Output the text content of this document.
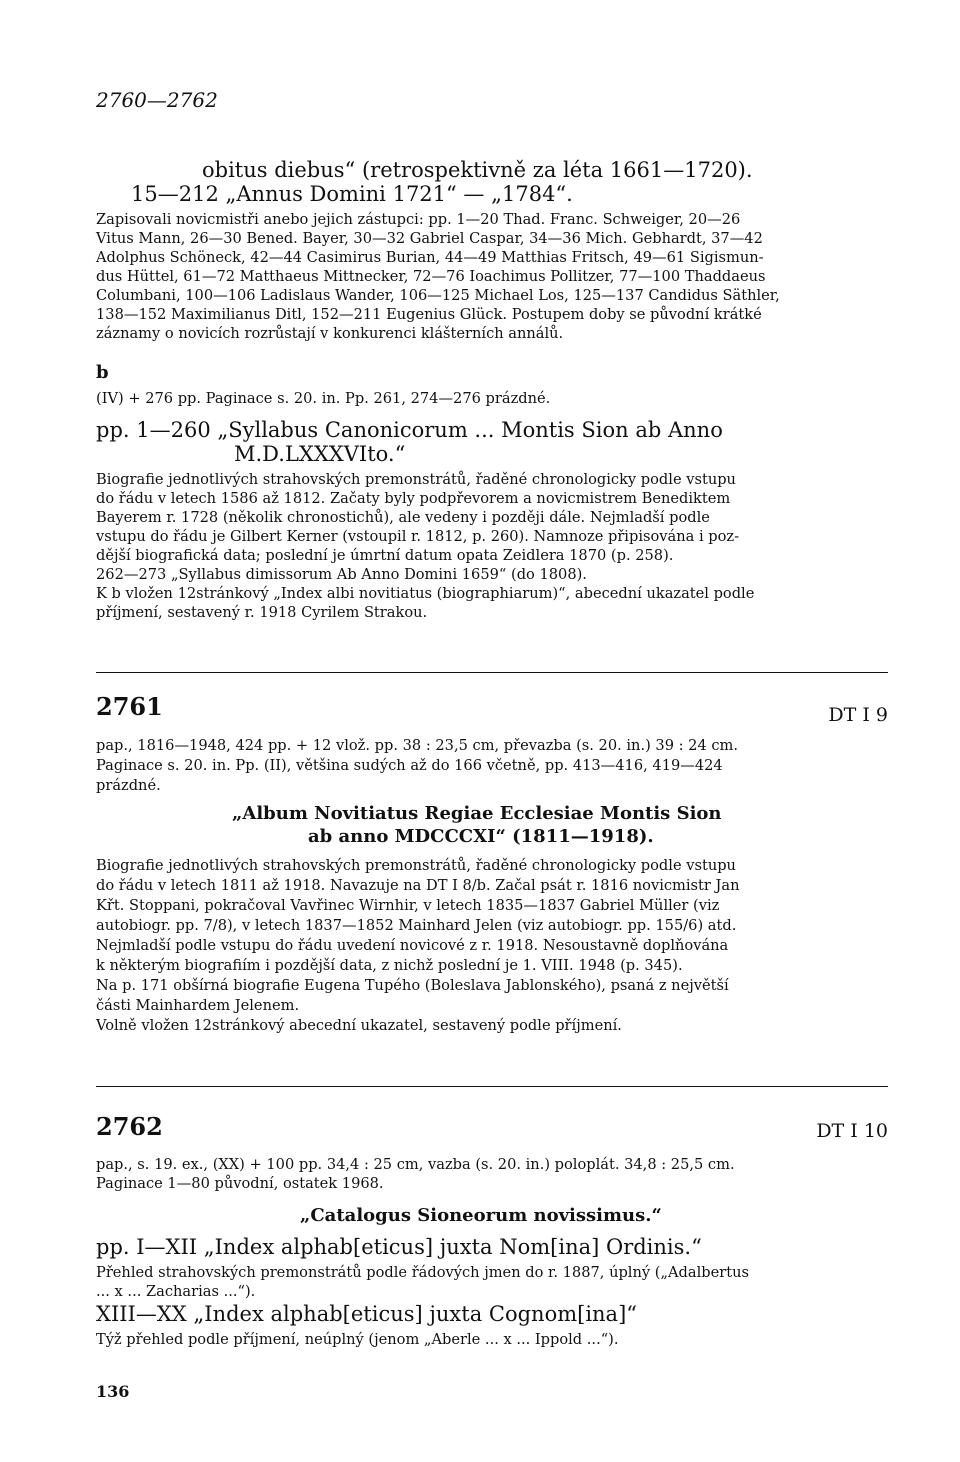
2760—2762
obitus diebus“ (retrospektivně za léta 1661—1720).
15—212 „Annus Domini 1721“ — „1784“.
Zapisovali novicmistři anebo jejich zástupci: pp. 1—20 Thad. Franc. Schweiger, 20—26
Vitus Mann, 26—30 Bened. Bayer, 30—32 Gabriel Caspar, 34—36 Mich. Gebhardt, 37—42
Adolphus Schöneck, 42—44 Casimirus Burian, 44—49 Matthias Fritsch, 49—61 Sigismun-
dus Hüttel, 61—72 Matthaeus Mittnecker, 72—76 Ioachimus Pollitzer, 77—100 Thaddaeus
Columbani, 100—106 Ladislaus Wander, 106—125 Michael Los, 125—137 Candidus Säthler,
138—152 Maximilianus Ditl, 152—211 Eugenius Glück. Postupem doby se původní krátké
záznamy o novicích rozrůstají v konkurenci klášterních annálů.
b
(IV) + 276 pp. Paginace s. 20. in. Pp. 261, 274—276 prázdné.
pp. 1—260 „Syllabus Canonicorum ... Montis Sion ab Anno
M.D.LXXXVIto.“
Biografie jednotlivých strahovských premonstrátů, řaděné chronologicky podle vstupu
do řádu v letech 1586 až 1812. Začaty byly podpřevorem a novicmistrem Benediktem
Bayerem r. 1728 (několik chronostichů), ale vedeny i později dále. Nejmladší podle
vstupu do řádu je Gilbert Kerner (vstoupil r. 1812, p. 260). Namnoze připisována i poz-
dější biografická data; poslední je úmrtní datum opata Zeidlera 1870 (p. 258).
262—273 „Syllabus dimissorum Ab Anno Domini 1659“ (do 1808).
K b vložen 12stránkový „Index albi novitiatus (biographiarum)“, abecední ukazatel podle
příjmení, sestavený r. 1918 Cyrilem Strakou.
2761	DT I 9
pap., 1816—1948, 424 pp. + 12 vlož. pp. 38 : 23,5 cm, převazba (s. 20. in.) 39 : 24 cm.
Paginace s. 20. in. Pp. (II), většina sudých až do 166 včetně, pp. 413—416, 419—424
prázdné.
„Album Novitiatus Regiae Ecclesiae Montis Sion
ab anno MDCCCXI“ (1811—1918).
Biografie jednotlivých strahovských premonstrátů, řaděné chronologicky podle vstupu
do řádu v letech 1811 až 1918. Navazuje na DT I 8/b. Začal psát r. 1816 novicmistr Jan
Křt. Stoppani, pokračoval Vavřinec Wirnhir, v letech 1835—1837 Gabriel Müller (viz
autobiogr. pp. 7/8), v letech 1837—1852 Mainhard Jelen (viz autobiogr. pp. 155/6) atd.
Nejmladší podle vstupu do řádu uvedení novicové z r. 1918. Nesoustavně doplňována
k některým biografiím i pozdější data, z nichž poslední je 1. VIII. 1948 (p. 345).
Na p. 171 obšírná biografie Eugena Tupého (Boleslava Jablonského), psaná z největší
části Mainhardem Jelenem.
Volně vložen 12stránkový abecední ukazatel, sestavený podle příjmení.
2762	DT I 10
pap., s. 19. ex., (XX) + 100 pp. 34,4 : 25 cm, vazba (s. 20. in.) poloplát. 34,8 : 25,5 cm.
Paginace 1—80 původní, ostatek 1968.
„Catalogus Sioneorum novissimus.“
pp. I—XII „Index alphab[eticus] juxta Nom[ina] Ordinis.“
Přehled strahovských premonstrátů podle řádových jmen do r. 1887, úplný („Adalbertus
... x ... Zacharias ...“).
XIII—XX „Index alphab[eticus] juxta Cognom[ina]“
Týž přehled podle příjmení, neúplný (jenom „Aberle ... x ... Ippold ...“).
136
